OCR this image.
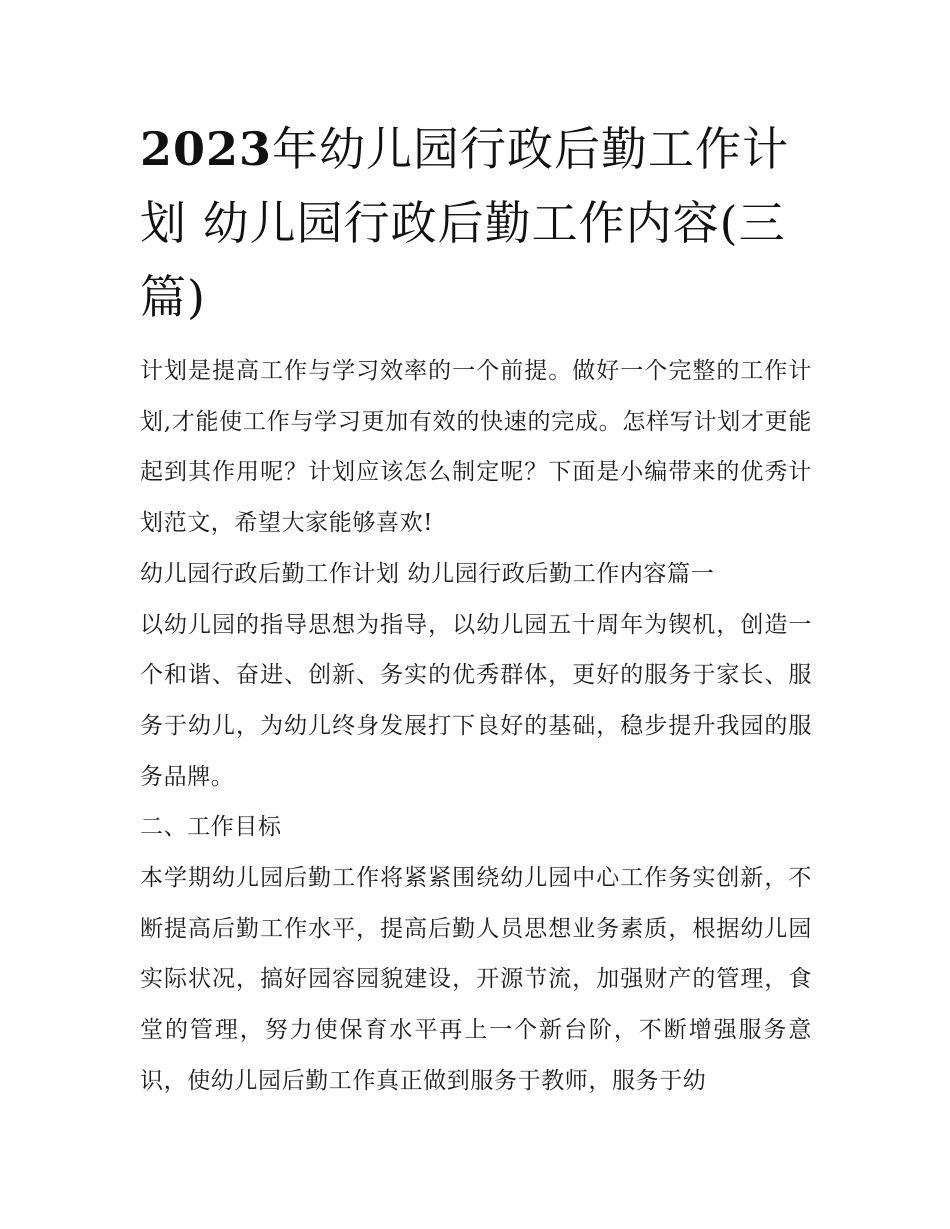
2023年幼儿园行政后勤工作计划 幼儿园行政后勤工作内容(三篇)

计划是提高工作与学习效率的一个前提。做好一个完整的工作计划,才能使工作与学习更加有效的快速的完成。怎样写计划才更能起到其作用呢？计划应该怎么制定呢？下面是小编带来的优秀计划范文，希望大家能够喜欢!

幼儿园行政后勤工作计划 幼儿园行政后勤工作内容篇一

以幼儿园的指导思想为指导，以幼儿园五十周年为锲机，创造一个和谐、奋进、创新、务实的优秀群体，更好的服务于家长、服务于幼儿，为幼儿终身发展打下良好的基础，稳步提升我园的服务品牌。

二、工作目标

本学期幼儿园后勤工作将紧紧围绕幼儿园中心工作务实创新，不断提高后勤工作水平，提高后勤人员思想业务素质，根据幼儿园实际状况，搞好园容园貌建设，开源节流，加强财产的管理，食堂的管理，努力使保育水平再上一个新台阶，不断增强服务意识，使幼儿园后勤工作真正做到服务于教师，服务于幼
